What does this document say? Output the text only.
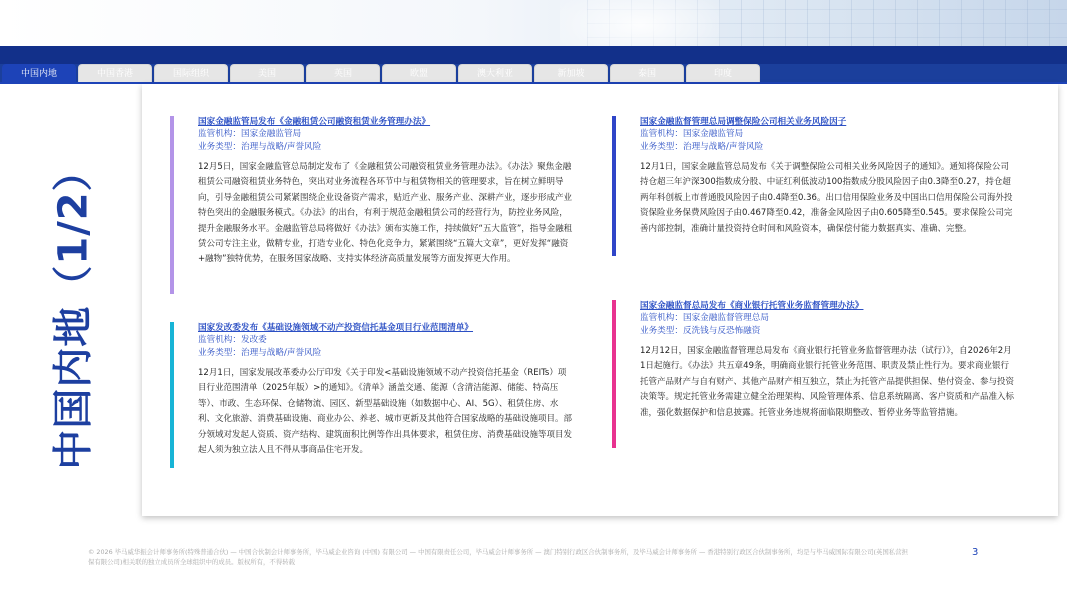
中国内地	中国香港	国际组织	美国	英国	欧盟	澳大利亚	新加坡	泰国	印度
中国内地（1/2）
国家金融监管局发布《金融租赁公司融资租赁业务管理办法》
监管机构：国家金融监管局
业务类型：治理与战略/声誉风险
12月5日，国家金融监管总局制定发布了《金融租赁公司融资租赁业务管理办法》。《办法》聚焦金融租赁公司融资租赁业务特色，突出对业务流程各环节中与租赁物相关的管理要求，旨在树立鲜明导向，引导金融租赁公司紧紧围绕企业设备资产需求，贴近产业、服务产业、深耕产业，逐步形成产业特色突出的金融服务模式。《办法》的出台，有利于规范金融租赁公司的经营行为，防控业务风险，提升金融服务水平。金融监管总局将做好《办法》颁布实施工作，持续做好“五大监管”，指导金融租赁公司专注主业，做精专业，打造专业化、特色化竞争力，紧紧围绕“五篇大文章”，更好发挥“融资+融物”独特优势，在服务国家战略、支持实体经济高质量发展等方面发挥更大作用。
国家发改委发布《基础设施领域不动产投资信托基金项目行业范围清单》
监管机构：发改委
业务类型：治理与战略/声誉风险
12月1日，国家发展改革委办公厅印发《关于印发<基础设施领域不动产投资信托基金（REITs）项目行业范围清单（2025年版）>的通知》。《清单》涵盖交通、能源（含清洁能源、储能、特高压等）、市政、生态环保、仓储物流、园区、新型基础设施（如数据中心、AI、5G）、租赁住房、水利、文化旅游、消费基础设施、商业办公、养老、城市更新及其他符合国家战略的基础设施项目。部分领域对发起人资质、资产结构、建筑面积比例等作出具体要求，租赁住房、消费基础设施等项目发起人须为独立法人且不得从事商品住宅开发。
国家金融监督管理总局调整保险公司相关业务风险因子
监管机构：国家金融监管局
业务类型：治理与战略/声誉风险
12月1日，国家金融监管总局发布《关于调整保险公司相关业务风险因子的通知》。通知将保险公司持仓超三年沪深300指数成分股、中证红利低波动100指数成分股风险因子由0.3降至0.27，持仓超两年科创板上市普通股风险因子由0.4降至0.36。出口信用保险业务及中国出口信用保险公司海外投资保险业务保费风险因子由0.467降至0.42，准备金风险因子由0.605降至0.545。要求保险公司完善内部控制，准确计量投资持仓时间和风险资本，确保偿付能力数据真实、准确、完整。
国家金融监督总局发布《商业银行托管业务监督管理办法》
监管机构：国家金融监督管理总局
业务类型：反洗钱与反恐怖融资
12月12日，国家金融监督管理总局发布《商业银行托管业务监督管理办法（试行）》，自2026年2月1日起施行。《办法》共五章49条，明确商业银行托管业务范围、职责及禁止性行为。要求商业银行托管产品财产与自有财产、其他产品财产相互独立，禁止为托管产品提供担保、垫付资金、参与投资决策等。规定托管业务需建立健全治理架构、风险管理体系、信息系统隔离、客户资质和产品准入标准，强化数据保护和信息披露。托管业务违规将面临限期整改、暂停业务等监管措施。
© 2026 毕马威华振会计师事务所(特殊普通合伙) — 中国合伙制会计师事务所，毕马威企业咨询 (中国) 有限公司 — 中国有限责任公司，毕马威会计师事务所 — 澳门特别行政区合伙制事务所，及毕马威会计师事务所 — 香港特别行政区合伙制事务所，均是与毕马威国际有限公司(英国私营担保有限公司)相关联的独立成员所全球组织中的成员。版权所有，不得转载
3
